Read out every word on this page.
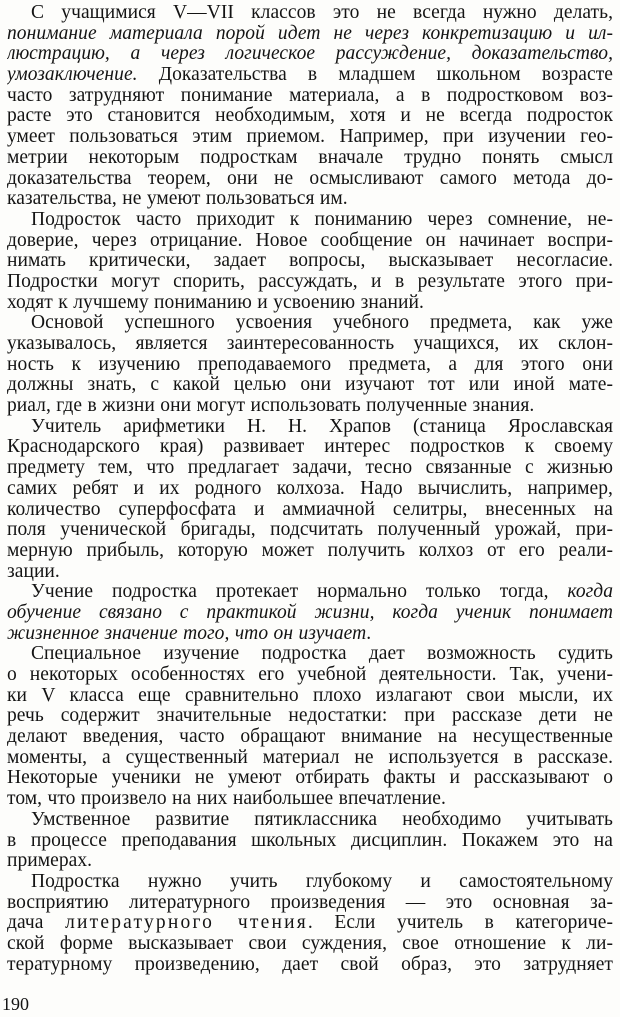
С учащимися V—VII классов это не всегда нужно делать,
понимание материала порой идет не через конкретизацию и ил-
люстрацию, а через логическое рассуждение, доказательство,
умозаключение. Доказательства в младшем школьном возрасте
часто затрудняют понимание материала, а в подростковом воз-
расте это становится необходимым, хотя и не всегда подросток
умеет пользоваться этим приемом. Например, при изучении гео-
метрии некоторым подросткам вначале трудно понять смысл
доказательства теорем, они не осмысливают самого метода до-
казательства, не умеют пользоваться им.
Подросток часто приходит к пониманию через сомнение, не-
доверие, через отрицание. Новое сообщение он начинает воспри-
нимать критически, задает вопросы, высказывает несогласие.
Подростки могут спорить, рассуждать, и в результате этого при-
ходят к лучшему пониманию и усвоению знаний.
Основой успешного усвоения учебного предмета, как уже
указывалось, является заинтересованность учащихся, их склон-
ность к изучению преподаваемого предмета, а для этого они
должны знать, с какой целью они изучают тот или иной мате-
риал, где в жизни они могут использовать полученные знания.
Учитель арифметики Н. Н. Храпов (станица Ярославская
Краснодарского края) развивает интерес подростков к своему
предмету тем, что предлагает задачи, тесно связанные с жизнью
самих ребят и их родного колхоза. Надо вычислить, например,
количество суперфосфата и аммиачной селитры, внесенных на
поля ученической бригады, подсчитать полученный урожай, при-
мерную прибыль, которую может получить колхоз от его реали-
зации.
Учение подростка протекает нормально только тогда, когда
обучение связано с практикой жизни, когда ученик понимает
жизненное значение того, что он изучает.
Специальное изучение подростка дает возможность судить
о некоторых особенностях его учебной деятельности. Так, учени-
ки V класса еще сравнительно плохо излагают свои мысли, их
речь содержит значительные недостатки: при рассказе дети не
делают введения, часто обращают внимание на несущественные
моменты, а существенный материал не используется в рассказе.
Некоторые ученики не умеют отбирать факты и рассказывают о
том, что произвело на них наибольшее впечатление.
Умственное развитие пятиклассника необходимо учитывать
в процессе преподавания школьных дисциплин. Покажем это на
примерах.
Подростка нужно учить глубокому и самостоятельному
восприятию литературного произведения — это основная за-
дача литературного чтения. Если учитель в категориче-
ской форме высказывает свои суждения, свое отношение к ли-
тературному произведению, дает свой образ, это затрудняет
190
